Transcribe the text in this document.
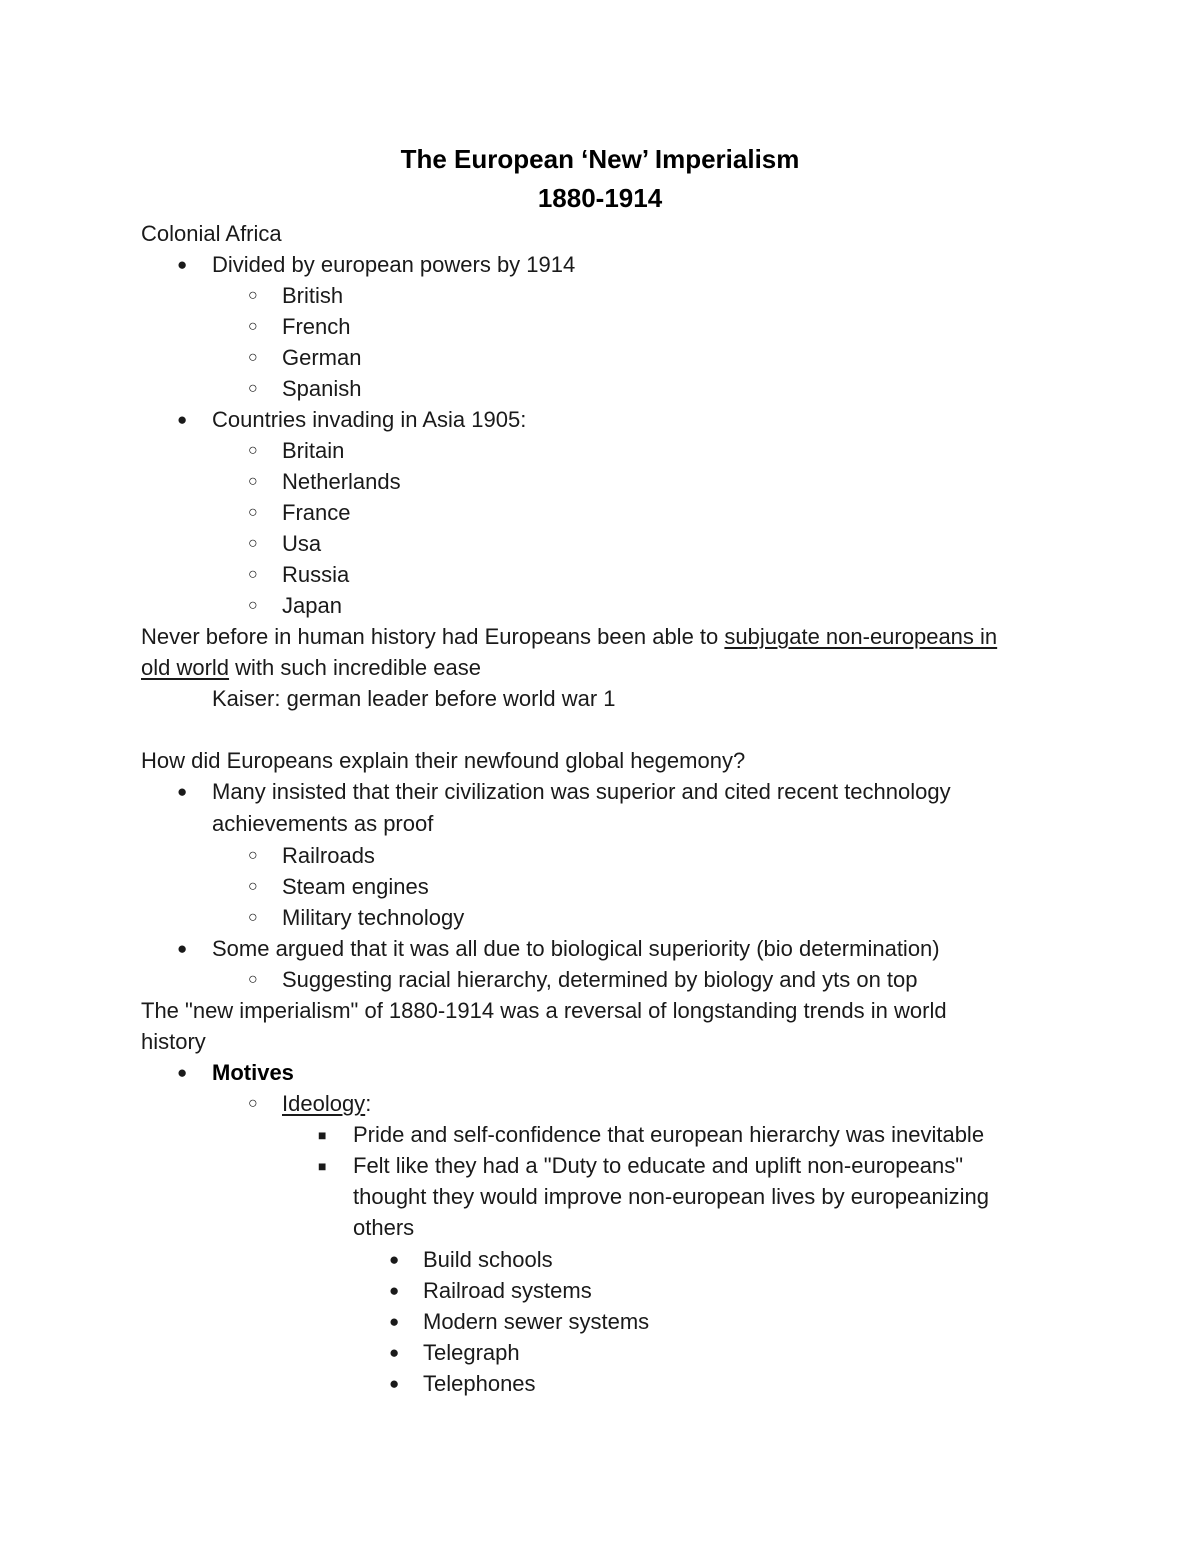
The European ‘New’ Imperialism
1880-1914
Colonial Africa
● Divided by european powers by 1914
○ British
○ French
○ German
○ Spanish
● Countries invading in Asia 1905:
○ Britain
○ Netherlands
○ France
○ Usa
○ Russia
○ Japan
Never before in human history had Europeans been able to subjugate non-europeans in
old world with such incredible ease
Kaiser: german leader before world war 1
How did Europeans explain their newfound global hegemony?
● Many insisted that their civilization was superior and cited recent technology
achievements as proof
○ Railroads
○ Steam engines
○ Military technology
● Some argued that it was all due to biological superiority (bio determination)
○ Suggesting racial hierarchy, determined by biology and yts on top
The "new imperialism" of 1880-1914 was a reversal of longstanding trends in world
history
● Motives
○ Ideology:
■ Pride and self-confidence that european hierarchy was inevitable
■ Felt like they had a "Duty to educate and uplift non-europeans"
thought they would improve non-european lives by europeanizing
others
● Build schools
● Railroad systems
● Modern sewer systems
● Telegraph
● Telephones
